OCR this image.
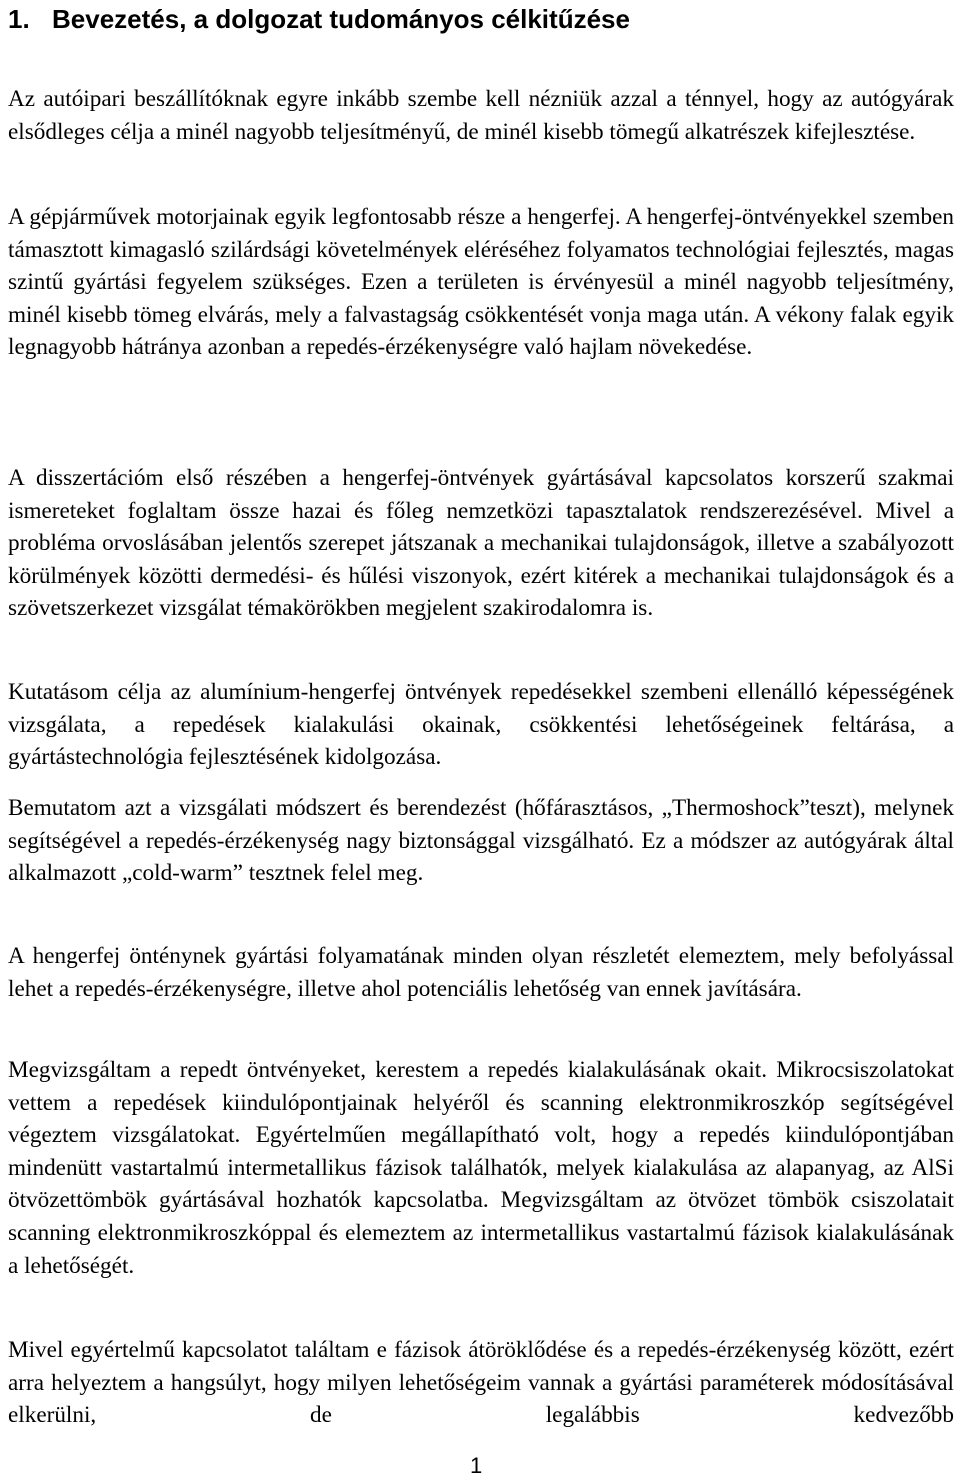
1. Bevezetés, a dolgozat tudományos célkitűzése

Az autóipari beszállítóknak egyre inkább szembe kell nézniük azzal a ténnyel, hogy az autógyárak elsődleges célja a minél nagyobb teljesítményű, de minél kisebb tömegű alkatrészek kifejlesztése.

A gépjárművek motorjainak egyik legfontosabb része a hengerfej. A hengerfej-öntvényekkel szemben támasztott kimagasló szilárdsági követelmények eléréséhez folyamatos technológiai fejlesztés, magas szintű gyártási fegyelem szükséges. Ezen a területen is érvényesül a minél nagyobb teljesítmény, minél kisebb tömeg elvárás, mely a falvastagság csökkentését vonja maga után. A vékony falak egyik legnagyobb hátránya azonban a repedés-érzékenységre való hajlam növekedése.

A disszertációm első részében a hengerfej-öntvények gyártásával kapcsolatos korszerű szakmai ismereteket foglaltam össze hazai és főleg nemzetközi tapasztalatok rendszerezésével. Mivel a probléma orvoslásában jelentős szerepet játszanak a mechanikai tulajdonságok, illetve a szabályozott körülmények közötti dermedési- és hűlési viszonyok, ezért kitérek a mechanikai tulajdonságok és a szövetszerkezet vizsgálat témakörökben megjelent szakirodalomra is.

Kutatásom célja az alumínium-hengerfej öntvények repedésekkel szembeni ellenálló képességének vizsgálata, a repedések kialakulási okainak, csökkentési lehetőségeinek feltárása, a gyártástechnológia fejlesztésének kidolgozása.

Bemutatom azt a vizsgálati módszert és berendezést (hőfárasztásos, „Thermoshock”teszt), melynek segítségével a repedés-érzékenység nagy biztonsággal vizsgálható. Ez a módszer az autógyárak által alkalmazott „cold-warm” tesztnek felel meg.

A hengerfej önténynek gyártási folyamatának minden olyan részletét elemeztem, mely befolyással lehet a repedés-érzékenységre, illetve ahol potenciális lehetőség van ennek javítására.

Megvizsgáltam a repedt öntvényeket, kerestem a repedés kialakulásának okait. Mikrocsiszolatokat vettem a repedések kiindulópontjainak helyéről és scanning elektronmikroszkóp segítségével végeztem vizsgálatokat. Egyértelműen megállapítható volt, hogy a repedés kiindulópontjában mindenütt vastartalmú intermetallikus fázisok találhatók, melyek kialakulása az alapanyag, az AlSi ötvözettömbök gyártásával hozhatók kapcsolatba. Megvizsgáltam az ötvözet tömbök csiszolatait scanning elektronmikroszkóppal és elemeztem az intermetallikus vastartalmú fázisok kialakulásának a lehetőségét.

Mivel egyértelmű kapcsolatot találtam e fázisok átöröklődése és a repedés-érzékenység között, ezért arra helyeztem a hangsúlyt, hogy milyen lehetőségeim vannak a gyártási paraméterek módosításával elkerülni, de legalábbis kedvezőbb

1
